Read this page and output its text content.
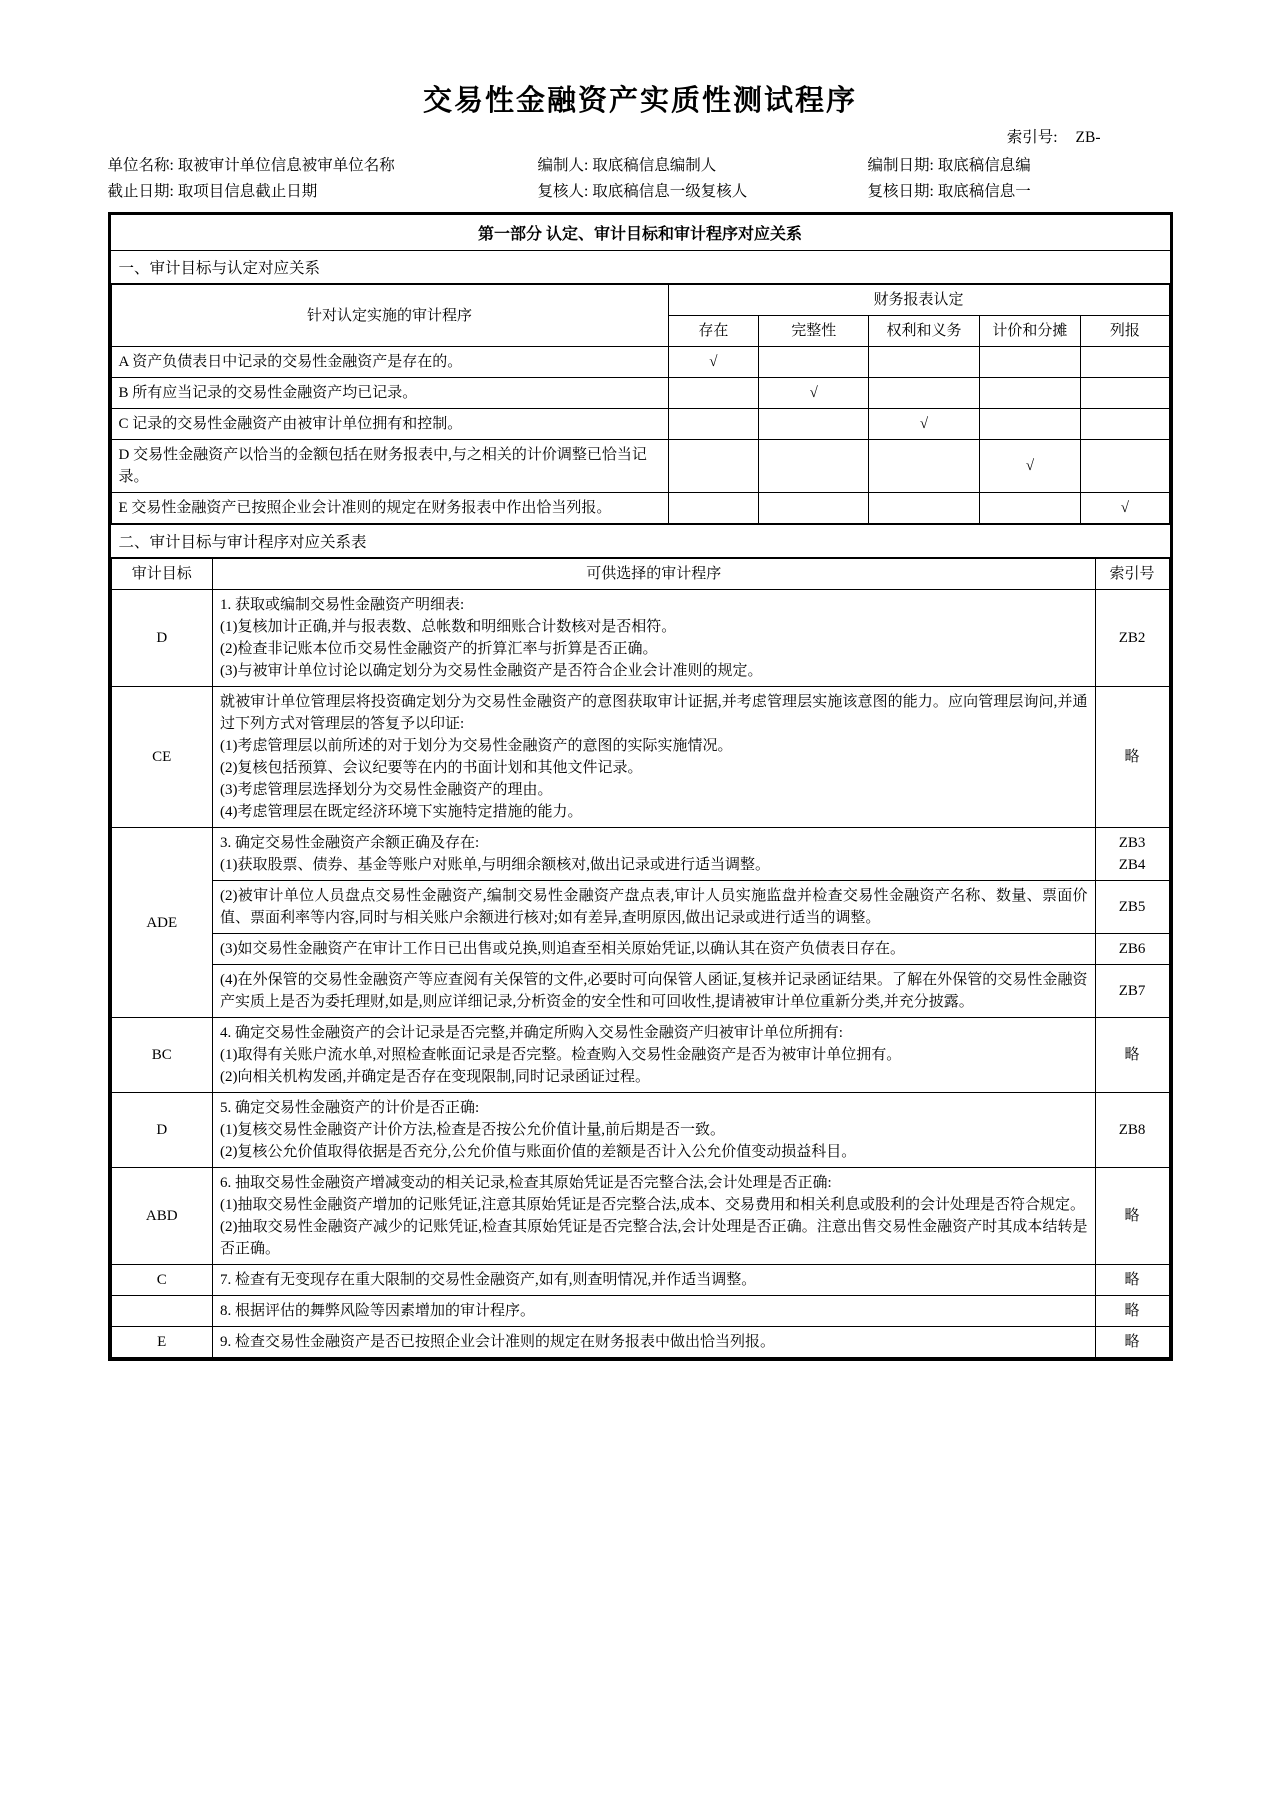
交易性金融资产实质性测试程序
索引号: ZB-
单位名称: 取被审计单位信息被审单位名称	编制人: 取底稿信息编制人	编制日期: 取底稿信息编
截止日期: 取项目信息截止日期	复核人: 取底稿信息一级复核人	复核日期: 取底稿信息一
第一部分 认定、审计目标和审计程序对应关系
一、审计目标与认定对应关系
针对认定实施的审计程序	财务报表认定				
	存在	完整性	权利和义务	计价和分摊	列报
A 资产负债表日中记录的交易性金融资产是存在的。	√				
B 所有应当记录的交易性金融资产均已记录。		√			
C 记录的交易性金融资产由被审计单位拥有和控制。			√		
D 交易性金融资产以恰当的金额包括在财务报表中,与之相关的计价调整已恰当记录。				√	
E 交易性金融资产已按照企业会计准则的规定在财务报表中作出恰当列报。					√
二、审计目标与审计程序对应关系表
审计目标	可供选择的审计程序	索引号
D	1. 获取或编制交易性金融资产明细表:
(1)复核加计正确,并与报表数、总帐数和明细账合计数核对是否相符。
(2)检查非记账本位币交易性金融资产的折算汇率与折算是否正确。
(3)与被审计单位讨论以确定划分为交易性金融资产是否符合企业会计准则的规定。	ZB2
CE	就被审计单位管理层将投资确定划分为交易性金融资产的意图获取审计证据,并考虑管理层实施该意图的能力。应向管理层询问,并通过下列方式对管理层的答复予以印证:
(1)考虑管理层以前所述的对于划分为交易性金融资产的意图的实际实施情况。
(2)复核包括预算、会议纪要等在内的书面计划和其他文件记录。
(3)考虑管理层选择划分为交易性金融资产的理由。
(4)考虑管理层在既定经济环境下实施特定措施的能力。	略
ADE	3. 确定交易性金融资产余额正确及存在:
(1)获取股票、债券、基金等账户对账单,与明细余额核对,做出记录或进行适当调整。	ZB3
ZB4
	(2)被审计单位人员盘点交易性金融资产,编制交易性金融资产盘点表,审计人员实施监盘并检查交易性金融资产名称、数量、票面价值、票面利率等内容,同时与相关账户余额进行核对;如有差异,查明原因,做出记录或进行适当的调整。	ZB5
	(3)如交易性金融资产在审计工作日已出售或兑换,则追查至相关原始凭证,以确认其在资产负债表日存在。	ZB6
	(4)在外保管的交易性金融资产等应查阅有关保管的文件,必要时可向保管人函证,复核并记录函证结果。了解在外保管的交易性金融资产实质上是否为委托理财,如是,则应详细记录,分析资金的安全性和可回收性,提请被审计单位重新分类,并充分披露。	ZB7
BC	4. 确定交易性金融资产的会计记录是否完整,并确定所购入交易性金融资产归被审计单位所拥有:
(1)取得有关账户流水单,对照检查帐面记录是否完整。检查购入交易性金融资产是否为被审计单位拥有。
(2)向相关机构发函,并确定是否存在变现限制,同时记录函证过程。	略
D	5. 确定交易性金融资产的计价是否正确:
(1)复核交易性金融资产计价方法,检查是否按公允价值计量,前后期是否一致。
(2)复核公允价值取得依据是否充分,公允价值与账面价值的差额是否计入公允价值变动损益科目。	ZB8
ABD	6. 抽取交易性金融资产增减变动的相关记录,检查其原始凭证是否完整合法,会计处理是否正确:
(1)抽取交易性金融资产增加的记账凭证,注意其原始凭证是否完整合法,成本、交易费用和相关利息或股利的会计处理是否符合规定。
(2)抽取交易性金融资产减少的记账凭证,检查其原始凭证是否完整合法,会计处理是否正确。注意出售交易性金融资产时其成本结转是否正确。	略
C	7. 检查有无变现存在重大限制的交易性金融资产,如有,则查明情况,并作适当调整。	略
	8. 根据评估的舞弊风险等因素增加的审计程序。	略
E	9. 检查交易性金融资产是否已按照企业会计准则的规定在财务报表中做出恰当列报。	略
